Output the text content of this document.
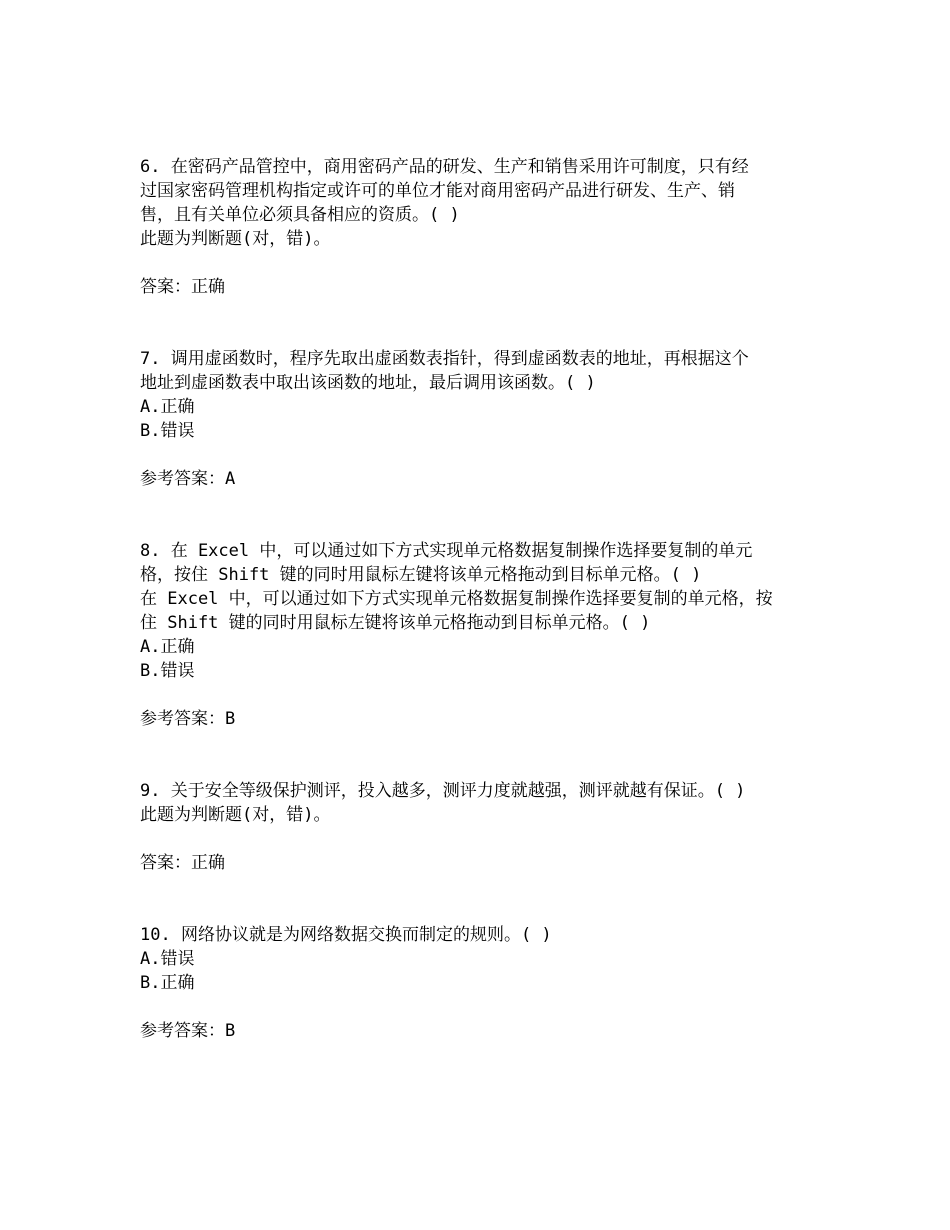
6. 在密码产品管控中，商用密码产品的研发、生产和销售采用许可制度，只有经
过国家密码管理机构指定或许可的单位才能对商用密码产品进行研发、生产、销
售，且有关单位必须具备相应的资质。( )
此题为判断题(对，错)。
答案：正确
7. 调用虚函数时，程序先取出虚函数表指针，得到虚函数表的地址，再根据这个
地址到虚函数表中取出该函数的地址，最后调用该函数。( )
A.正确
B.错误
参考答案：A
8. 在 Excel 中，可以通过如下方式实现单元格数据复制操作选择要复制的单元
格，按住 Shift 键的同时用鼠标左键将该单元格拖动到目标单元格。( )
在 Excel 中，可以通过如下方式实现单元格数据复制操作选择要复制的单元格，按
住 Shift 键的同时用鼠标左键将该单元格拖动到目标单元格。( )
A.正确
B.错误
参考答案：B
9. 关于安全等级保护测评，投入越多，测评力度就越强，测评就越有保证。( )
此题为判断题(对，错)。
答案：正确
10. 网络协议就是为网络数据交换而制定的规则。( )
A.错误
B.正确
参考答案：B
